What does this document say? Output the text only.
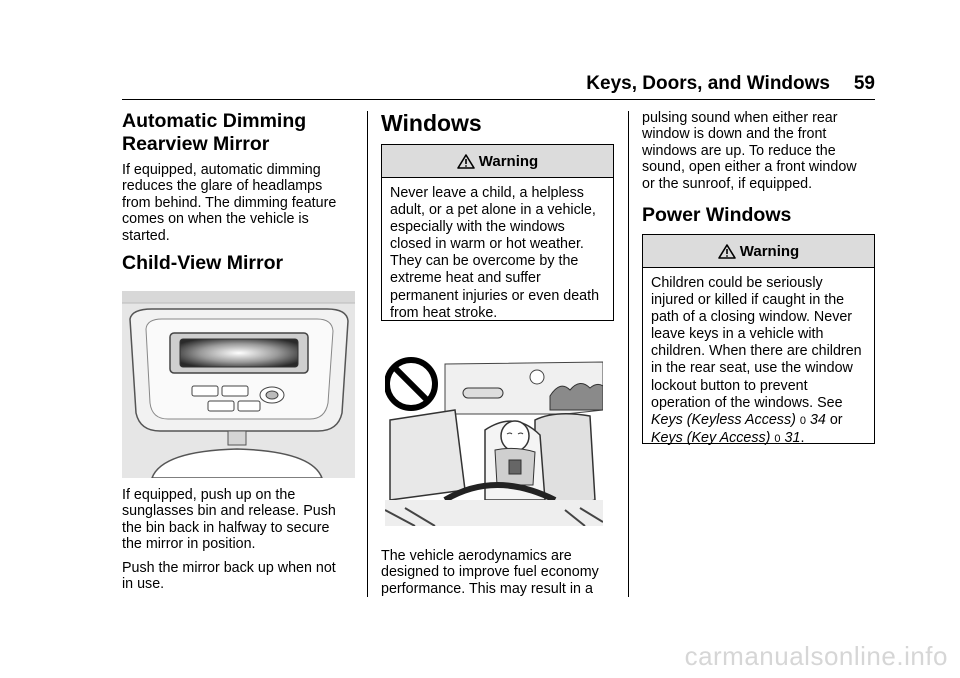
Keys, Doors, and Windows	59
Automatic Dimming
Rearview Mirror

If equipped, automatic dimming
reduces the glare of headlamps
from behind. The dimming feature
comes on when the vehicle is
started.

Child-View Mirror

If equipped, push up on the
sunglasses bin and release. Push
the bin back in halfway to secure
the mirror in position.

Push the mirror back up when not
in use.

Windows
Warning
Never leave a child, a helpless
adult, or a pet alone in a vehicle,
especially with the windows
closed in warm or hot weather.
They can be overcome by the
extreme heat and suffer
permanent injuries or even death
from heat stroke.

The vehicle aerodynamics are
designed to improve fuel economy
performance. This may result in a

pulsing sound when either rear
window is down and the front
windows are up. To reduce the
sound, open either a front window
or the sunroof, if equipped.

Power Windows
Warning
Children could be seriously
injured or killed if caught in the
path of a closing window. Never
leave keys in a vehicle with
children. When there are children
in the rear seat, use the window
lockout button to prevent
operation of the windows. See
Keys (Keyless Access) 0 34 or
Keys (Key Access) 0 31.
carmanualsonline.info
